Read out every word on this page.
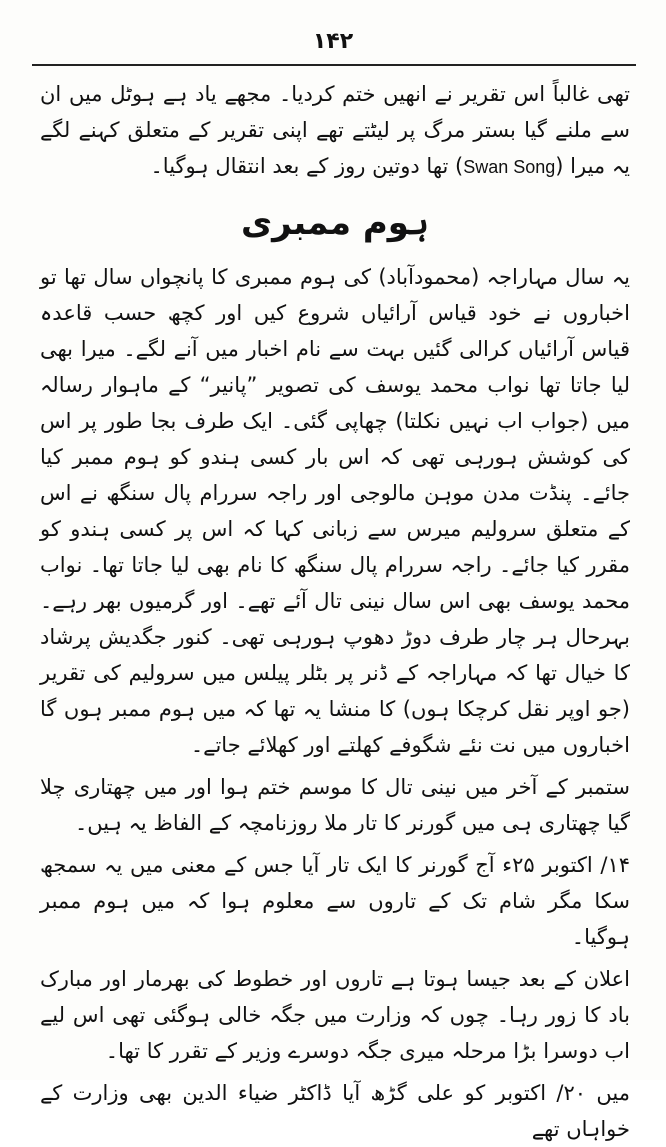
۱۴۲

تھی غالباً اس تقریر نے انھیں ختم کردیا۔ مجھے یاد ہے ہوٹل میں ان سے ملنے گیا بستر مرگ پر لیٹتے تھے اپنی تقریر کے متعلق کہنے لگے یہ میرا (Swan Song) تھا دوتین روز کے بعد انتقال ہوگیا۔

ہوم ممبری

یہ سال مہاراجہ (محمودآباد) کی ہوم ممبری کا پانچواں سال تھا تو اخباروں نے خود قیاس آرائیاں شروع کیں اور کچھ حسب قاعدہ قیاس آرائیاں کرالی گئیں بہت سے نام اخبار میں آنے لگے۔ میرا بھی لیا جاتا تھا نواب محمد یوسف کی تصویر ”پانیر“ کے ماہوار رسالہ میں (جواب اب نہیں نکلتا) چھاپی گئی۔ ایک طرف بجا طور پر اس کی کوشش ہورہی تھی کہ اس بار کسی ہندو کو ہوم ممبر کیا جائے۔ پنڈت مدن موہن مالوجی اور راجہ سررام پال سنگھ نے اس کے متعلق سرولیم میرس سے زبانی کہا کہ اس پر کسی ہندو کو مقرر کیا جائے۔ راجہ سررام پال سنگھ کا نام بھی لیا جاتا تھا۔ نواب محمد یوسف بھی اس سال نینی تال آئے تھے۔ اور گرمیوں بھر رہے۔ بہرحال ہر چار طرف دوڑ دھوپ ہورہی تھی۔ کنور جگدیش پرشاد کا خیال تھا کہ مہاراجہ کے ڈنر پر بٹلر پیلس میں سرولیم کی تقریر (جو اوپر نقل کرچکا ہوں) کا منشا یہ تھا کہ میں ہوم ممبر ہوں گا اخباروں میں نت نئے شگوفے کھلتے اور کھلائے جاتے۔

ستمبر کے آخر میں نینی تال کا موسم ختم ہوا اور میں چھتاری چلا گیا چھتاری ہی میں گورنر کا تار ملا روزنامچہ کے الفاظ یہ ہیں۔

۱۴/ اکتوبر ۲۵ء آج گورنر کا ایک تار آیا جس کے معنی میں یہ سمجھ سکا مگر شام تک کے تاروں سے معلوم ہوا کہ میں ہوم ممبر ہوگیا۔

اعلان کے بعد جیسا ہوتا ہے تاروں اور خطوط کی بھرمار اور مبارک باد کا زور رہا۔ چوں کہ وزارت میں جگہ خالی ہوگئی تھی اس لیے اب دوسرا بڑا مرحلہ میری جگہ دوسرے وزیر کے تقرر کا تھا۔

میں ۲۰/ اکتوبر کو علی گڑھ آیا ڈاکٹر ضیاء الدین بھی وزارت کے خواہاں تھے
